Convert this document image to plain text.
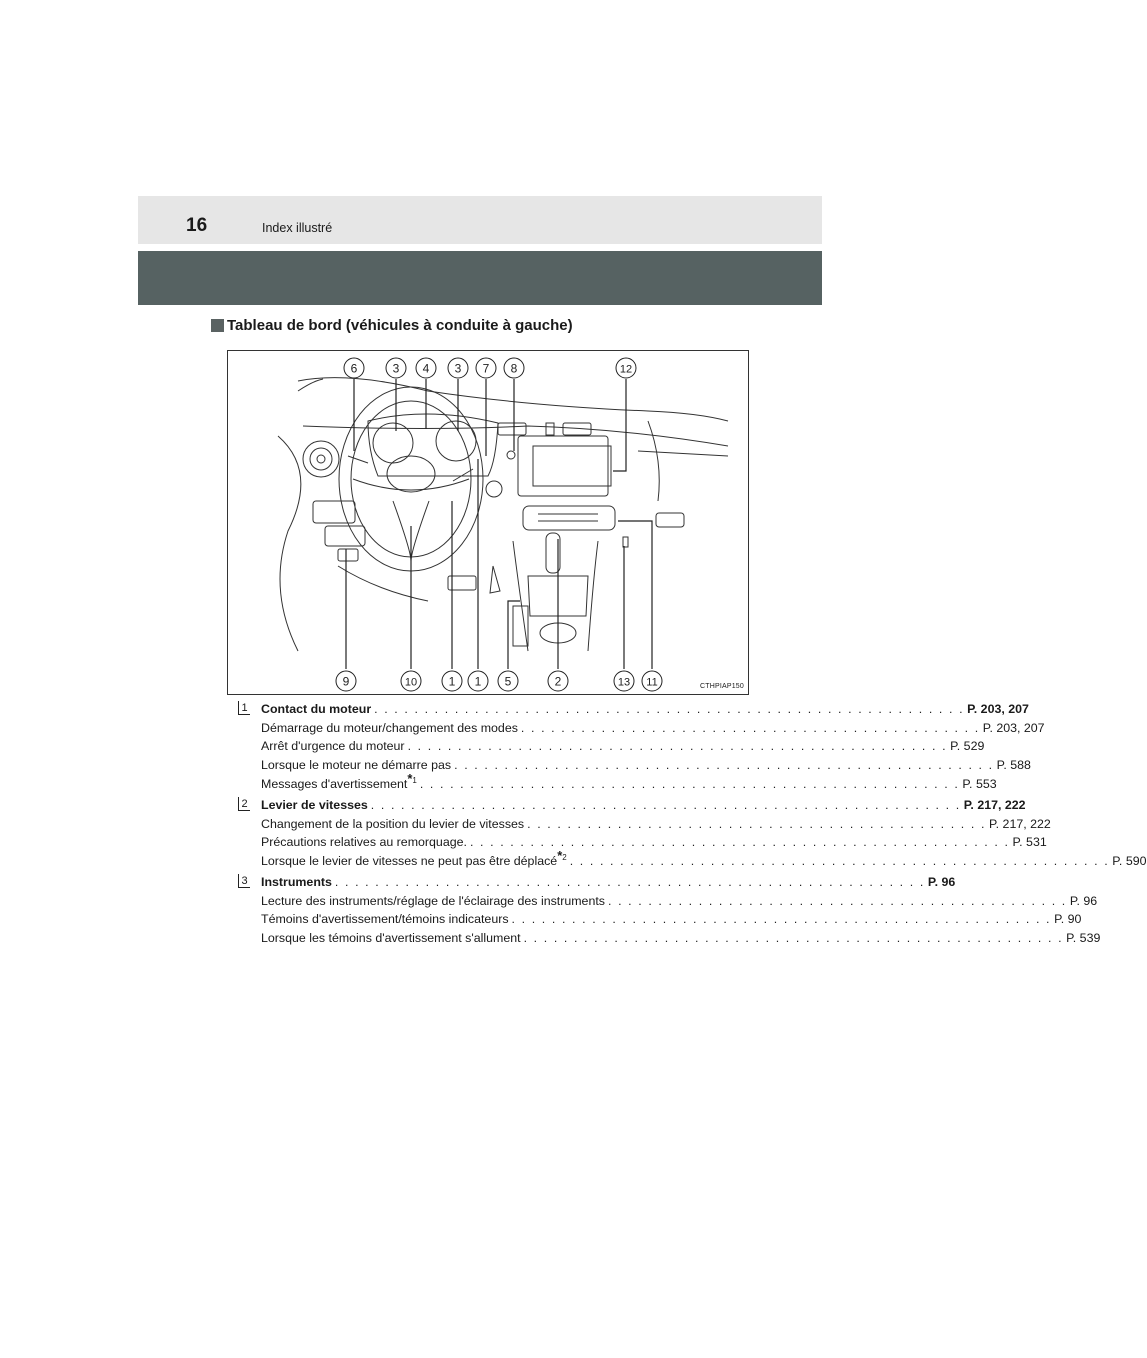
16	Index illustré
Tableau de bord (véhicules à conduite à gauche)
6	3 4 3 7 8	12
9	10	1 1 5	2	13 11	CTHPIAP150
1 Contact du moteur . . . . . . . . . . . . . . . . . . . . . . . . . . . . . . . . . . . . . . . . . . . . . . . . . . . . . . . . . . . P. 203, 207
Démarrage du moteur/changement des modes . . . . . . . . . . . . . . . . . . . . . . . . . . . . . . . . . . . . . . . . . . . . . . P. 203, 207
Arrêt d'urgence du moteur . . . . . . . . . . . . . . . . . . . . . . . . . . . . . . . . . . . . . . . . . . . . . . . . . . . . . . P. 529
Lorsque le moteur ne démarre pas . . . . . . . . . . . . . . . . . . . . . . . . . . . . . . . . . . . . . . . . . . . . . . . . . . . . . . P. 588
Messages d'avertissement$^{*1}$ . . . . . . . . . . . . . . . . . . . . . . . . . . . . . . . . . . . . . . . . . . . . . . . . . . . . . . P. 553
2 Levier de vitesses . . . . . . . . . . . . . . . . . . . . . . . . . . . . . . . . . . . . . . . . . . . . . . . . . . . . . . . . . . . P. 217, 222
Changement de la position du levier de vitesses . . . . . . . . . . . . . . . . . . . . . . . . . . . . . . . . . . . . . . . . . . . . . . P. 217, 222
Précautions relatives au remorquage. . . . . . . . . . . . . . . . . . . . . . . . . . . . . . . . . . . . . . . . . . . . . . . . . . . . . . . P. 531
Lorsque le levier de vitesses ne peut pas être déplacé$^{*2}$ . . . . . . . . . . . . . . . . . . . . . . . . . . . . . . . . . . . . . . . . . . . . . . . . . . . . . . P. 590
3 Instruments . . . . . . . . . . . . . . . . . . . . . . . . . . . . . . . . . . . . . . . . . . . . . . . . . . . . . . . . . . . P. 96
Lecture des instruments/réglage de l'éclairage des instruments . . . . . . . . . . . . . . . . . . . . . . . . . . . . . . . . . . . . . . . . . . . . . . P. 96
Témoins d'avertissement/témoins indicateurs . . . . . . . . . . . . . . . . . . . . . . . . . . . . . . . . . . . . . . . . . . . . . . . . . . . . . . P. 90
Lorsque les témoins d'avertissement s'allument . . . . . . . . . . . . . . . . . . . . . . . . . . . . . . . . . . . . . . . . . . . . . . . . . . . . . . P. 539
